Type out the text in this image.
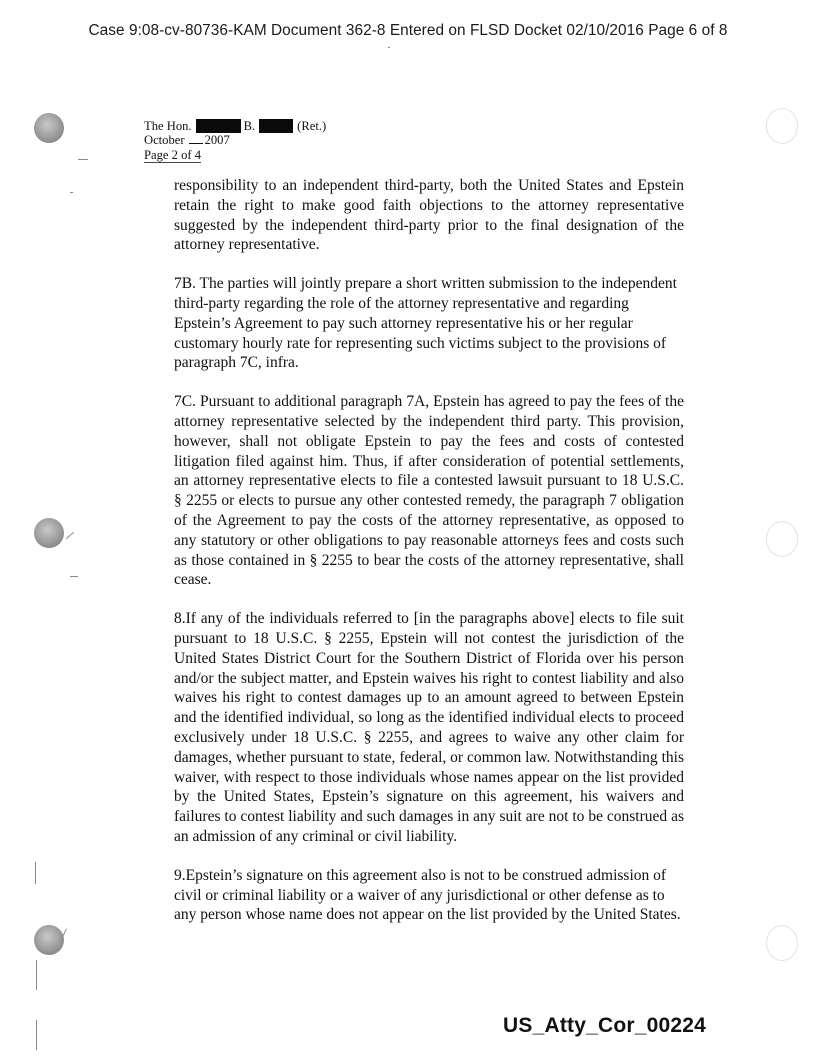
Case 9:08-cv-80736-KAM Document 362-8 Entered on FLSD Docket 02/10/2016 Page 6 of 8
The Hon.	B.	(Ret.)
October 2007
Page 2 of 4

responsibility to an independent third-party, both the United States and Epstein retain the right to make good faith objections to the attorney representative suggested by the independent third-party prior to the final designation of the attorney representative.

7B. The parties will jointly prepare a short written submission to the independent third-party regarding the role of the attorney representative and regarding Epstein’s Agreement to pay such attorney representative his or her regular customary hourly rate for representing such victims subject to the provisions of paragraph 7C, infra.

7C. Pursuant to additional paragraph 7A, Epstein has agreed to pay the fees of the attorney representative selected by the independent third party. This provision, however, shall not obligate Epstein to pay the fees and costs of contested litigation filed against him. Thus, if after consideration of potential settlements, an attorney representative elects to file a contested lawsuit pursuant to 18 U.S.C. § 2255 or elects to pursue any other contested remedy, the paragraph 7 obligation of the Agreement to pay the costs of the attorney representative, as opposed to any statutory or other obligations to pay reasonable attorneys fees and costs such as those contained in § 2255 to bear the costs of the attorney representative, shall cease.

8.If any of the individuals referred to [in the paragraphs above] elects to file suit pursuant to 18 U.S.C. § 2255, Epstein will not contest the jurisdiction of the United States District Court for the Southern District of Florida over his person and/or the subject matter, and Epstein waives his right to contest liability and also waives his right to contest damages up to an amount agreed to between Epstein and the identified individual, so long as the identified individual elects to proceed exclusively under 18 U.S.C. § 2255, and agrees to waive any other claim for damages, whether pursuant to state, federal, or common law. Notwithstanding this waiver, with respect to those individuals whose names appear on the list provided by the United States, Epstein’s signature on this agreement, his waivers and failures to contest liability and such damages in any suit are not to be construed as an admission of any criminal or civil liability.

9.Epstein’s signature on this agreement also is not to be construed admission of civil or criminal liability or a waiver of any jurisdictional or other defense as to any person whose name does not appear on the list provided by the United States.

US_Atty_Cor_00224
